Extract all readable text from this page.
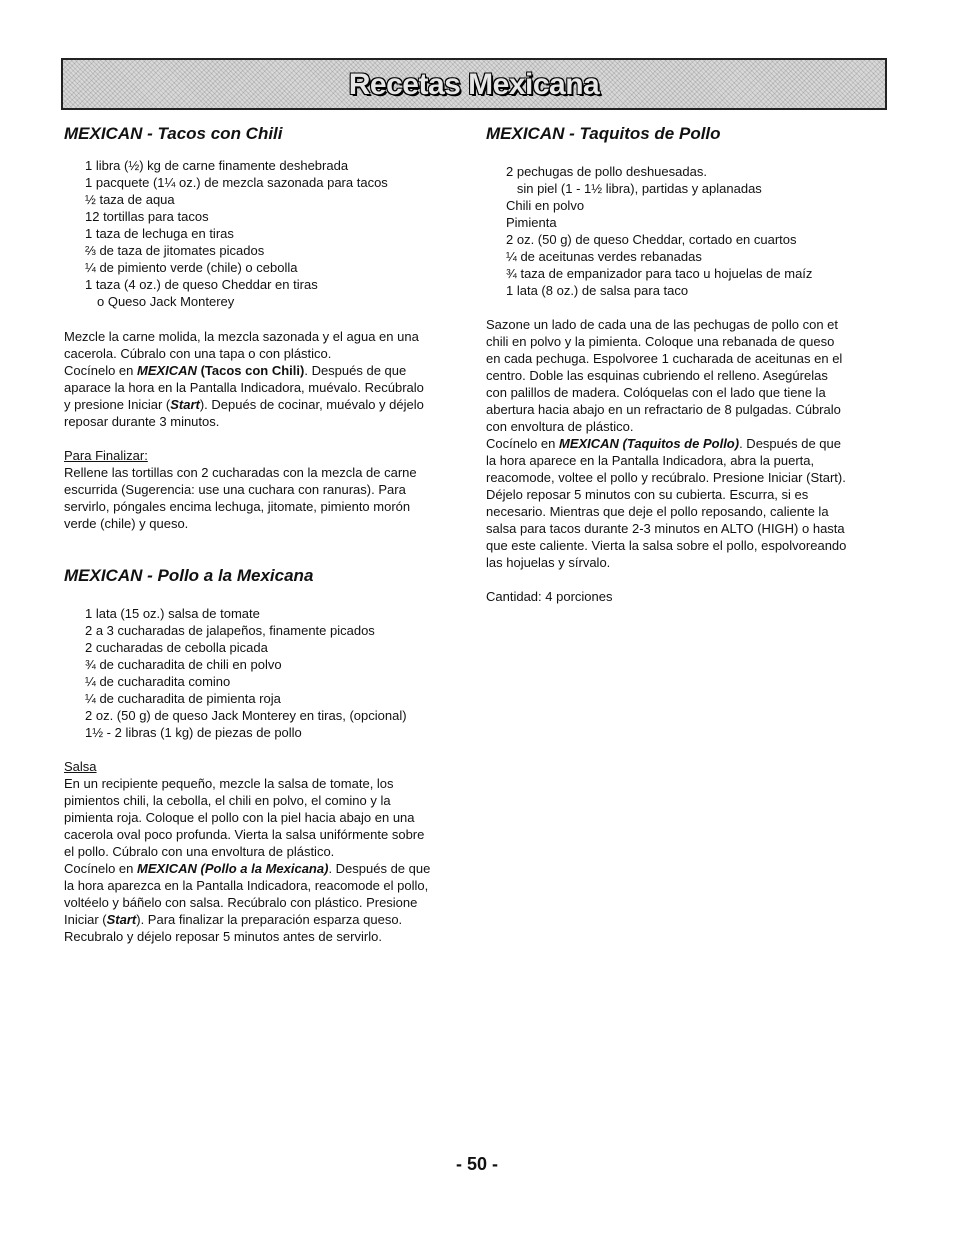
Recetas Mexicana
MEXICAN - Tacos con Chili
1 libra (½) kg de carne finamente deshebrada
1 pacquete (1¼ oz.) de mezcla sazonada para tacos
½ taza de aqua
12 tortillas para tacos
1 taza de lechuga en tiras
⅔ de taza de jitomates picados
¼ de pimiento verde (chile) o cebolla
1 taza (4 oz.) de queso Cheddar en tiras
o Queso Jack Monterey
Mezcle la carne molida, la mezcla sazonada y el agua en una
cacerola. Cúbralo con una tapa o con plástico.
Cocínelo en MEXICAN (Tacos con Chili). Después de que
aparace la hora en la Pantalla Indicadora, muévalo. Recúbralo
y presione Iniciar (Start). Depués de cocinar, muévalo y déjelo
reposar durante 3 minutos.
Para Finalizar:
Rellene las tortillas con 2 cucharadas con la mezcla de carne
escurrida (Sugerencia: use una cuchara con ranuras). Para
servirlo, póngales encima lechuga, jitomate, pimiento morón
verde (chile) y queso.
MEXICAN - Pollo a la Mexicana
1 lata (15 oz.) salsa de tomate
2 a 3 cucharadas de jalapeños, finamente picados
2 cucharadas de cebolla picada
¾ de cucharadita de chili en polvo
¼ de cucharadita comino
¼ de cucharadita de pimienta roja
2 oz. (50 g) de queso Jack Monterey en tiras, (opcional)
1½ - 2 libras (1 kg) de piezas de pollo
Salsa
En un recipiente pequeño, mezcle la salsa de tomate, los
pimientos chili, la cebolla, el chili en polvo, el comino y la
pimienta roja. Coloque el pollo con la piel hacia abajo en una
cacerola oval poco profunda. Vierta la salsa unifórmente sobre
el pollo. Cúbralo con una envoltura de plástico.
Cocínelo en MEXICAN (Pollo a la Mexicana). Después de que
la hora aparezca en la Pantalla Indicadora, reacomode el pollo,
voltéelo y báñelo con salsa. Recúbralo con plástico. Presione
Iniciar (Start). Para finalizar la preparación esparza queso.
Recubralo y déjelo reposar 5 minutos antes de servirlo.
MEXICAN - Taquitos de Pollo
2 pechugas de pollo deshuesadas.
sin piel (1 - 1½ libra), partidas y aplanadas
Chili en polvo
Pimienta
2 oz. (50 g) de queso Cheddar, cortado en cuartos
¼ de aceitunas verdes rebanadas
¾ taza de empanizador para taco u hojuelas de maíz
1 lata (8 oz.) de salsa para taco
Sazone un lado de cada una de las pechugas de pollo con et
chili en polvo y la pimienta. Coloque una rebanada de queso
en cada pechuga. Espolvoree 1 cucharada de aceitunas en el
centro. Doble las esquinas cubriendo el relleno. Asegúrelas
con palillos de madera. Colóquelas con el lado que tiene la
abertura hacia abajo en un refractario de 8 pulgadas. Cúbralo
con envoltura de plástico.
Cocínelo en MEXICAN (Taquitos de Pollo). Después de que
la hora aparece en la Pantalla Indicadora, abra la puerta,
reacomode, voltee el pollo y recúbralo. Presione Iniciar (Start).
Déjelo reposar 5 minutos con su cubierta. Escurra, si es
necesario. Mientras que deje el pollo reposando, caliente la
salsa para tacos durante 2-3 minutos en ALTO (HIGH) o hasta
que este caliente. Vierta la salsa sobre el pollo, espolvoreando
las hojuelas y sírvalo.
Cantidad: 4 porciones
- 50 -
